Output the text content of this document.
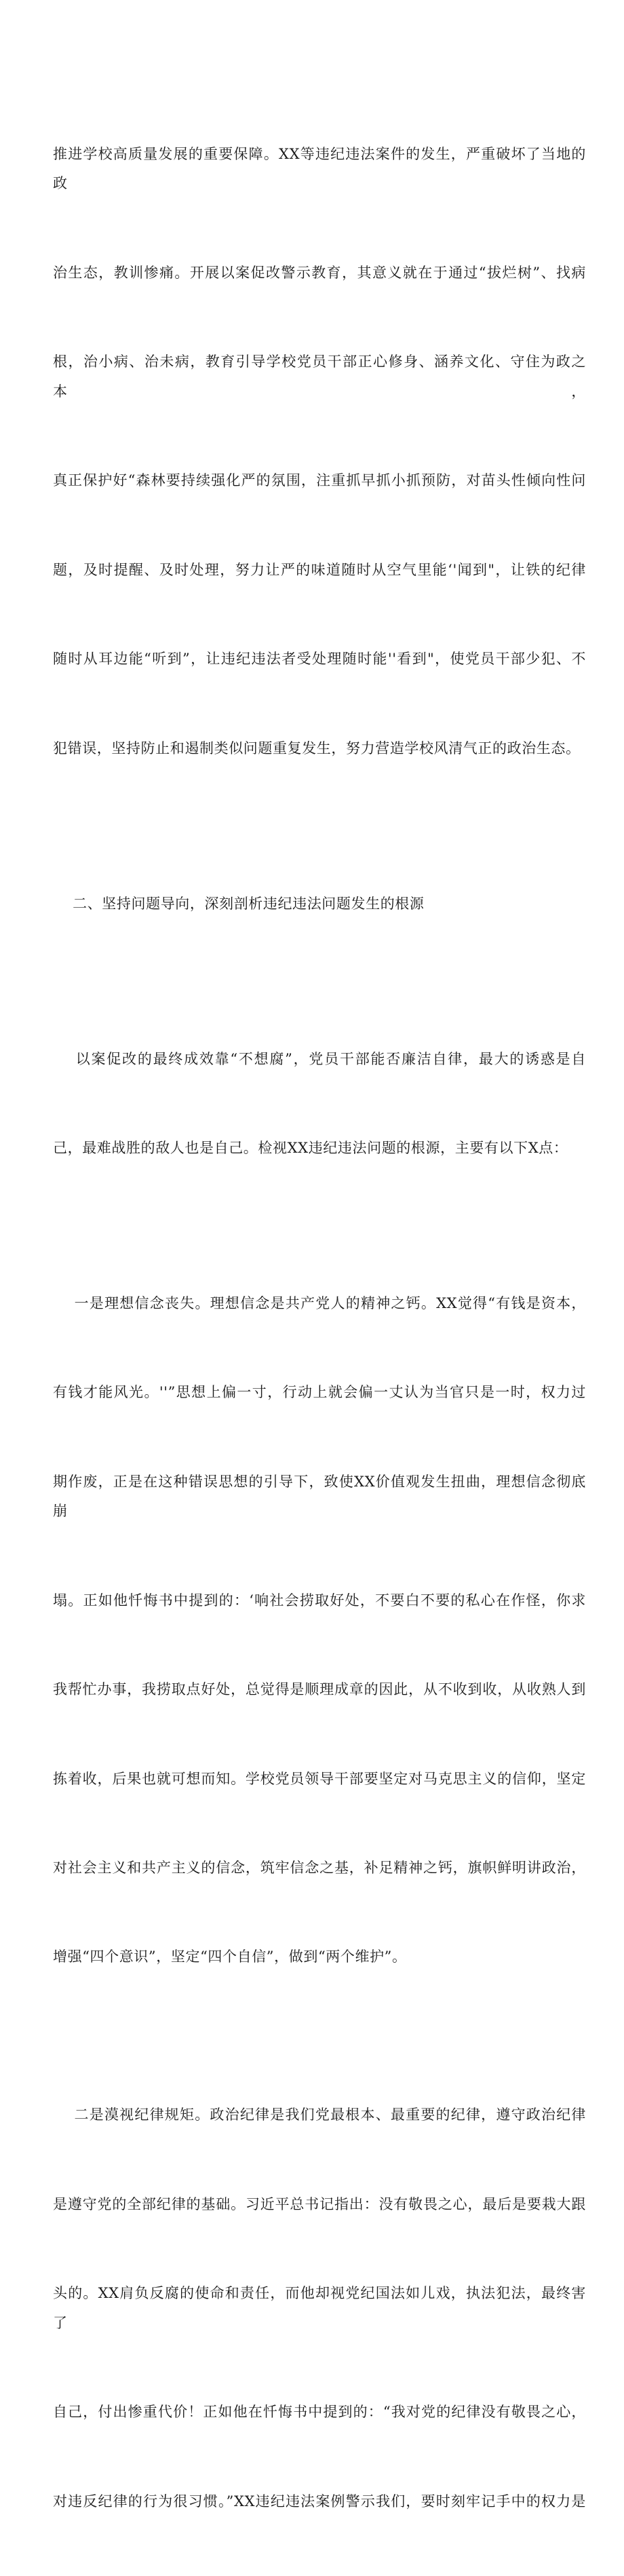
推进学校高质量发展的重要保障。XX等违纪违法案件的发生，严重破坏了当地的政

治生态，教训惨痛。开展以案促改警示教育，其意义就在于通过“拔烂树”、找病

根，治小病、治未病，教育引导学校党员干部正心修身、涵养文化、守住为政之本，

真正保护好“森林要持续强化严的氛围，注重抓早抓小抓预防，对苗头性倾向性问

题，及时提醒、及时处理，努力让严的味道随时从空气里能‘'闻到"，让铁的纪律

随时从耳边能“听到”，让违纪违法者受处理随时能''看到"，使党员干部少犯、不

犯错误，坚持防止和遏制类似问题重复发生，努力营造学校风清气正的政治生态。

二、坚持问题导向，深刻剖析违纪违法问题发生的根源

以案促改的最终成效靠“不想腐”，党员干部能否廉洁自律，最大的诱惑是自

己，最难战胜的敌人也是自己。检视XX违纪违法问题的根源，主要有以下X点：

一是理想信念丧失。理想信念是共产党人的精神之钙。XX觉得“有钱是资本，

有钱才能风光。''”思想上偏一寸，行动上就会偏一丈认为当官只是一时，权力过

期作废，正是在这种错误思想的引导下，致使XX价值观发生扭曲，理想信念彻底崩

塌。正如他忏悔书中提到的：‘响社会捞取好处，不要白不要的私心在作怪，你求

我帮忙办事，我捞取点好处，总觉得是顺理成章的因此，从不收到收，从收熟人到

拣着收，后果也就可想而知。学校党员领导干部要坚定对马克思主义的信仰，坚定

对社会主义和共产主义的信念，筑牢信念之基，补足精神之钙，旗帜鲜明讲政治，

增强“四个意识”，坚定“四个自信”，做到“两个维护”。

二是漠视纪律规矩。政治纪律是我们党最根本、最重要的纪律，遵守政治纪律

是遵守党的全部纪律的基础。习近平总书记指出：没有敬畏之心，最后是要栽大跟

头的。XX肩负反腐的使命和责任，而他却视党纪国法如儿戏，执法犯法，最终害了

自己，付出惨重代价！正如他在忏悔书中提到的：“我对党的纪律没有敬畏之心，

对违反纪律的行为很习惯。”XX违纪违法案例警示我们，要时刻牢记手中的权力是
